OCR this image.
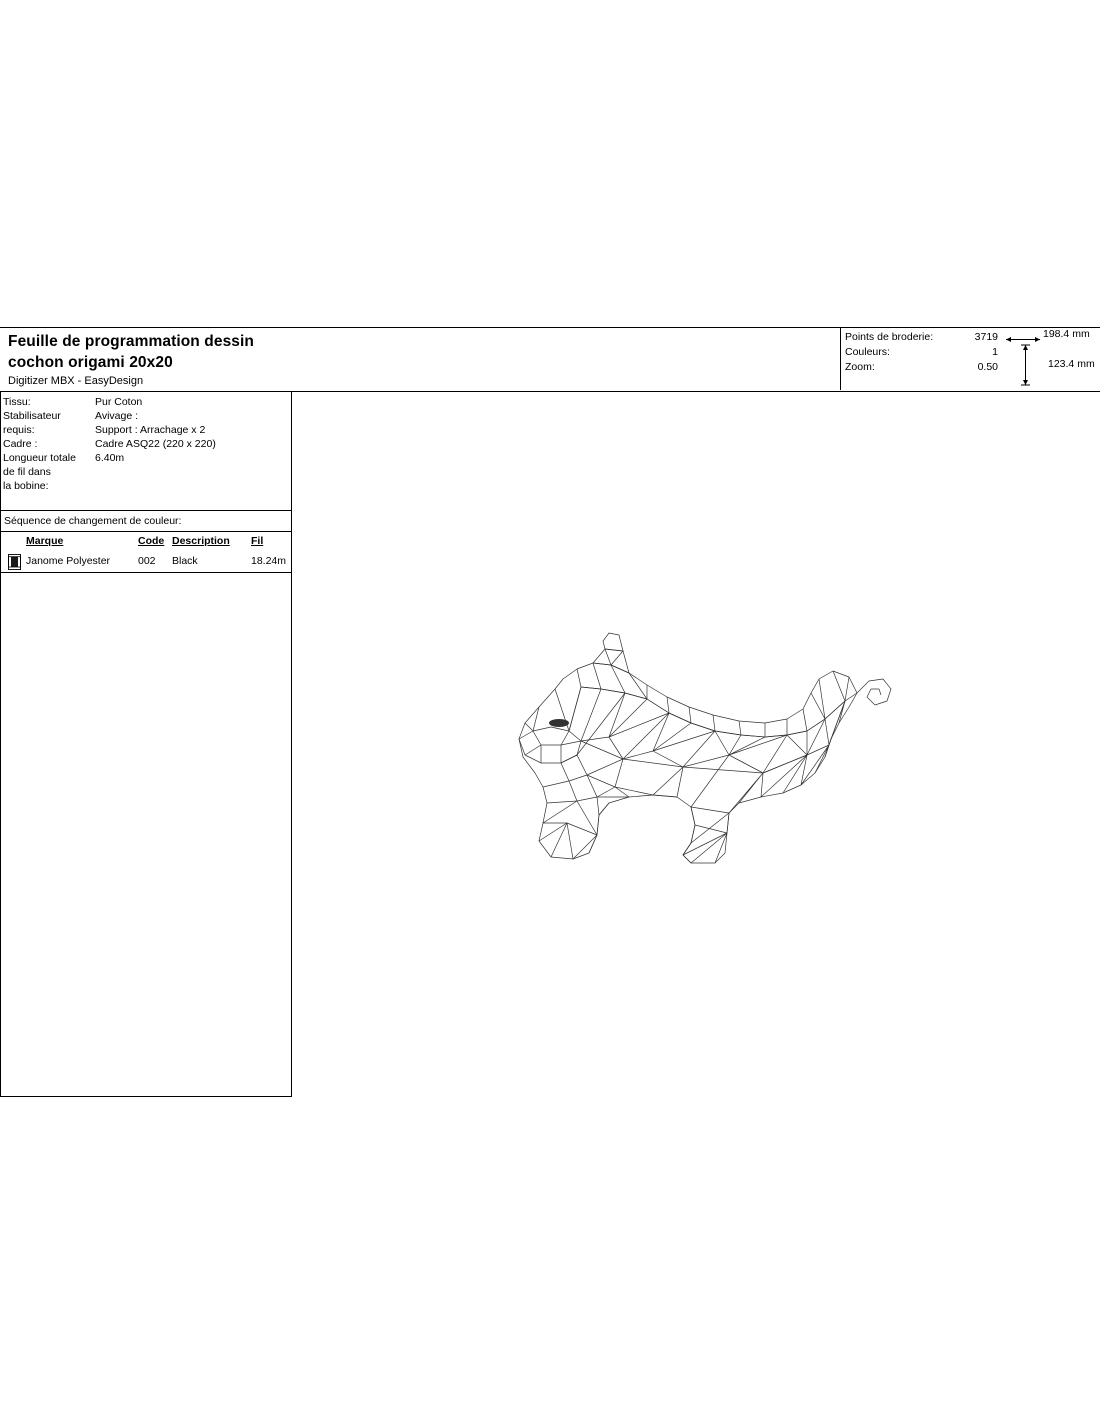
Feuille de programmation dessin
cochon origami 20x20
Digitizer MBX - EasyDesign
Points de broderie:	3719
Couleurs:	1
Zoom:	0.50
198.4 mm
123.4 mm
Tissu:	Pur Coton
Stabilisateur	Avivage :
requis:	Support : Arrachage x 2
Cadre :	Cadre ASQ22 (220 x 220)
Longueur totale	6.40m
de fil dans
la bobine:
Séquence de changement de couleur:
Marque	Code Description Fil
Janome Polyester	002 Black	18.24m
